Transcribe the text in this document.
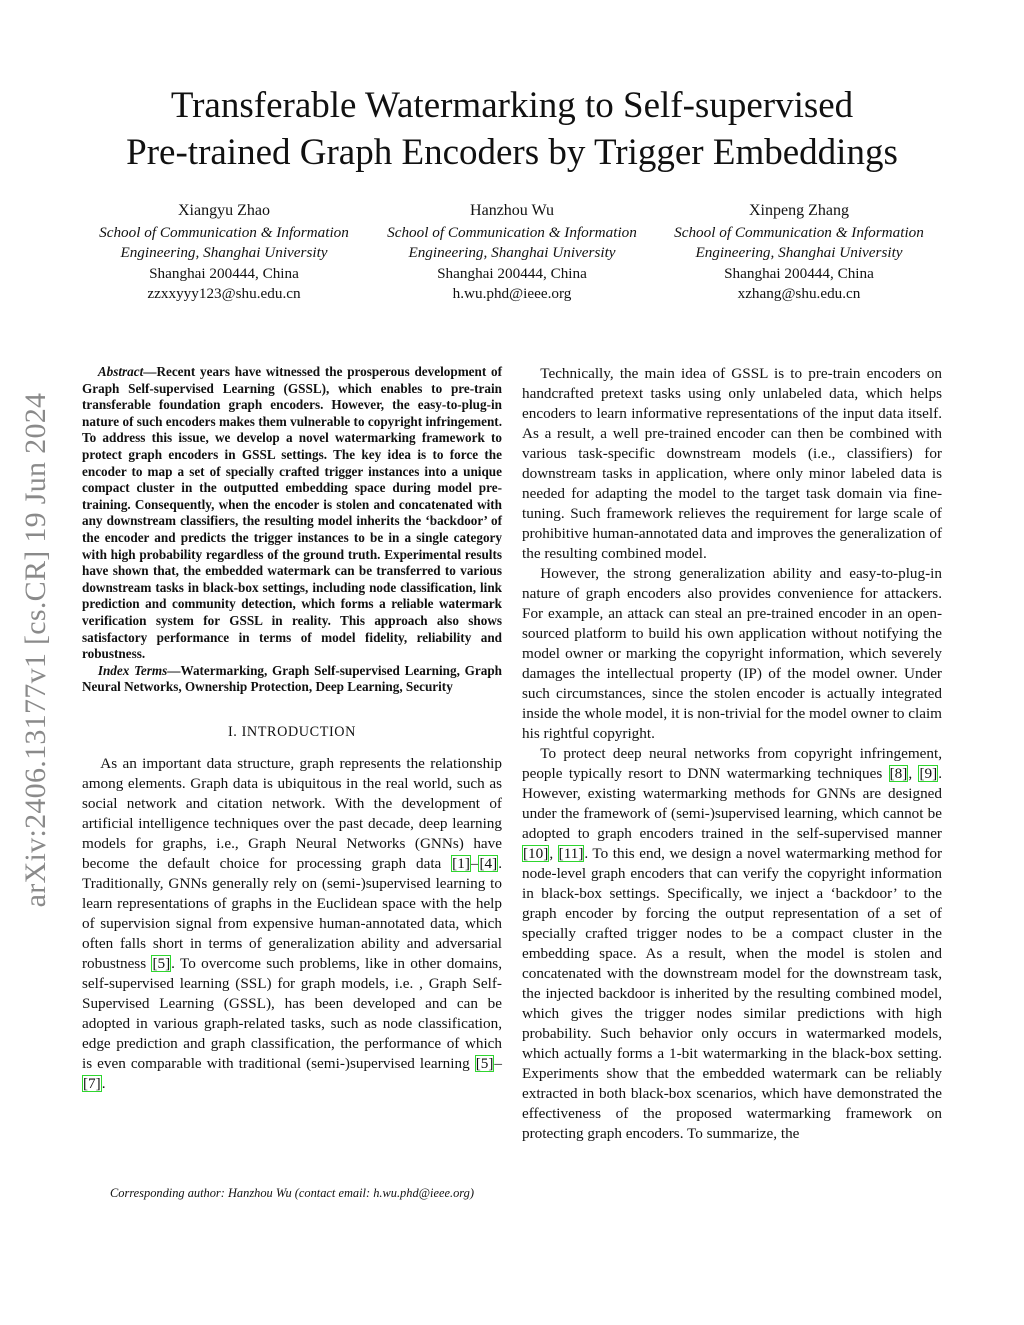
arXiv:2406.13177v1 [cs.CR] 19 Jun 2024
Transferable Watermarking to Self-supervised
Pre-trained Graph Encoders by Trigger Embeddings
Xiangyu Zhao
School of Communication & Information
Engineering, Shanghai University
Shanghai 200444, China
zzxxyyy123@shu.edu.cn
Hanzhou Wu
School of Communication & Information
Engineering, Shanghai University
Shanghai 200444, China
h.wu.phd@ieee.org
Xinpeng Zhang
School of Communication & Information
Engineering, Shanghai University
Shanghai 200444, China
xzhang@shu.edu.cn

Abstract—Recent years have witnessed the prosperous development of Graph Self-supervised Learning (GSSL), which enables to pre-train transferable foundation graph encoders. However, the easy-to-plug-in nature of such encoders makes them vulnerable to copyright infringement. To address this issue, we develop a novel watermarking framework to protect graph encoders in GSSL settings. The key idea is to force the encoder to map a set of specially crafted trigger instances into a unique compact cluster in the outputted embedding space during model pre-training. Consequently, when the encoder is stolen and concatenated with any downstream classifiers, the resulting model inherits the ‘backdoor’ of the encoder and predicts the trigger instances to be in a single category with high probability regardless of the ground truth. Experimental results have shown that, the embedded watermark can be transferred to various downstream tasks in black-box settings, including node classification, link prediction and community detection, which forms a reliable watermark verification system for GSSL in reality. This approach also shows satisfactory performance in terms of model fidelity, reliability and robustness.

Index Terms—Watermarking, Graph Self-supervised Learning, Graph Neural Networks, Ownership Protection, Deep Learning, Security

I. INTRODUCTION

As an important data structure, graph represents the relationship among elements. Graph data is ubiquitous in the real world, such as social network and citation network. With the development of artificial intelligence techniques over the past decade, deep learning models for graphs, i.e., Graph Neural Networks (GNNs) have become the default choice for processing graph data [1]–[4]. Traditionally, GNNs generally rely on (semi-)supervised learning to learn representations of graphs in the Euclidean space with the help of supervision signal from expensive human-annotated data, which often falls short in terms of generalization ability and adversarial robustness [5]. To overcome such problems, like in other domains, self-supervised learning (SSL) for graph models, i.e. , Graph Self-Supervised Learning (GSSL), has been developed and can be adopted in various graph-related tasks, such as node classification, edge prediction and graph classification, the performance of which is even comparable with traditional (semi-)supervised learning [5]–[7].

Corresponding author: Hanzhou Wu (contact email: h.wu.phd@ieee.org)

Technically, the main idea of GSSL is to pre-train encoders on handcrafted pretext tasks using only unlabeled data, which helps encoders to learn informative representations of the input data itself. As a result, a well pre-trained encoder can then be combined with various task-specific downstream models (i.e., classifiers) for downstream tasks in application, where only minor labeled data is needed for adapting the model to the target task domain via fine-tuning. Such framework relieves the requirement for large scale of prohibitive human-annotated data and improves the generalization of the resulting combined model.

However, the strong generalization ability and easy-to-plug-in nature of graph encoders also provides convenience for attackers. For example, an attack can steal an pre-trained encoder in an open-sourced platform to build his own application without notifying the model owner or marking the copyright information, which severely damages the intellectual property (IP) of the model owner. Under such circumstances, since the stolen encoder is actually integrated inside the whole model, it is non-trivial for the model owner to claim his rightful copyright.

To protect deep neural networks from copyright infringement, people typically resort to DNN watermarking techniques [8], [9]. However, existing watermarking methods for GNNs are designed under the framework of (semi-)supervised learning, which cannot be adopted to graph encoders trained in the self-supervised manner [10], [11]. To this end, we design a novel watermarking method for node-level graph encoders that can verify the copyright information in black-box settings. Specifically, we inject a ‘backdoor’ to the graph encoder by forcing the output representation of a set of specially crafted trigger nodes to be a compact cluster in the embedding space. As a result, when the model is stolen and concatenated with the downstream model for the downstream task, the injected backdoor is inherited by the resulting combined model, which gives the trigger nodes similar predictions with high probability. Such behavior only occurs in watermarked models, which actually forms a 1-bit watermarking in the black-box setting. Experiments show that the embedded watermark can be reliably extracted in both black-box scenarios, which have demonstrated the effectiveness of the proposed watermarking framework on protecting graph encoders. To summarize, the
